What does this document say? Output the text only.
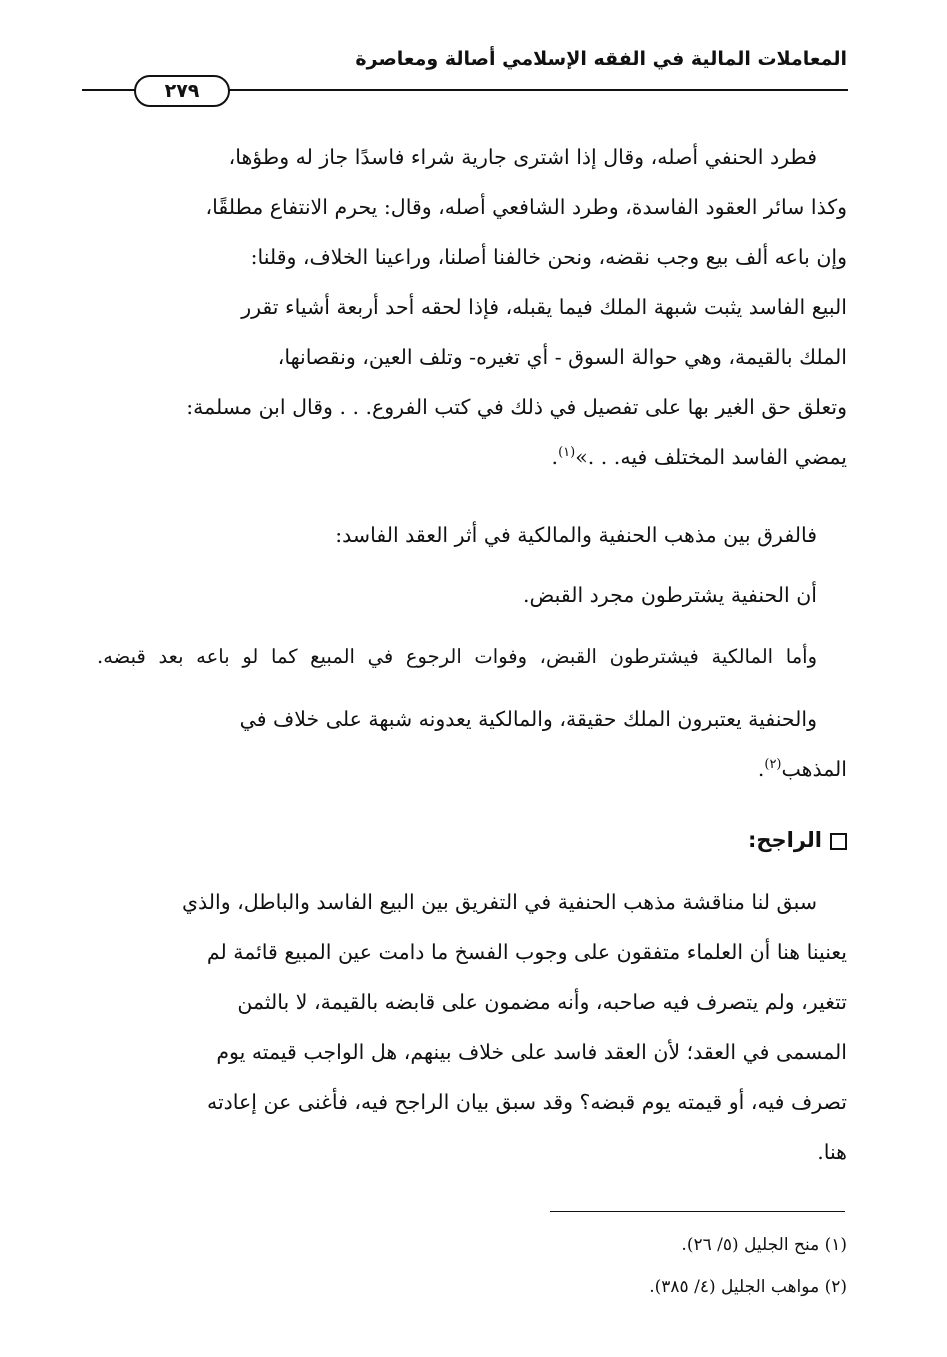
المعاملات المالية في الفقه الإسلامي أصالة ومعاصرة
٢٧٩
فطرد الحنفي أصله، وقال إذا اشترى جارية شراء فاسدًا جاز له وطؤها،
وكذا سائر العقود الفاسدة، وطرد الشافعي أصله، وقال: يحرم الانتفاع مطلقًا،
وإن باعه ألف بيع وجب نقضه، ونحن خالفنا أصلنا، وراعينا الخلاف، وقلنا:
البيع الفاسد يثبت شبهة الملك فيما يقبله، فإذا لحقه أحد أربعة أشياء تقرر
الملك بالقيمة، وهي حوالة السوق - أي تغيره- وتلف العين، ونقصانها،
وتعلق حق الغير بها على تفصيل في ذلك في كتب الفروع. . . وقال ابن مسلمة:
يمضي الفاسد المختلف فيه. . .»$^{(١)}$.
فالفرق بين مذهب الحنفية والمالكية في أثر العقد الفاسد:
أن الحنفية يشترطون مجرد القبض.
وأما المالكية فيشترطون القبض، وفوات الرجوع في المبيع كما لو باعه بعد قبضه.
والحنفية يعتبرون الملك حقيقة، والمالكية يعدونه شبهة على خلاف في
المذهب$^{(٢)}$.
الراجح:
سبق لنا مناقشة مذهب الحنفية في التفريق بين البيع الفاسد والباطل، والذي
يعنينا هنا أن العلماء متفقون على وجوب الفسخ ما دامت عين المبيع قائمة لم
تتغير، ولم يتصرف فيه صاحبه، وأنه مضمون على قابضه بالقيمة، لا بالثمن
المسمى في العقد؛ لأن العقد فاسد على خلاف بينهم، هل الواجب قيمته يوم
تصرف فيه، أو قيمته يوم قبضه؟ وقد سبق بيان الراجح فيه، فأغنى عن إعادته
هنا.
(١) منح الجليل (٥/ ٢٦).
(٢) مواهب الجليل (٤/ ٣٨٥).
